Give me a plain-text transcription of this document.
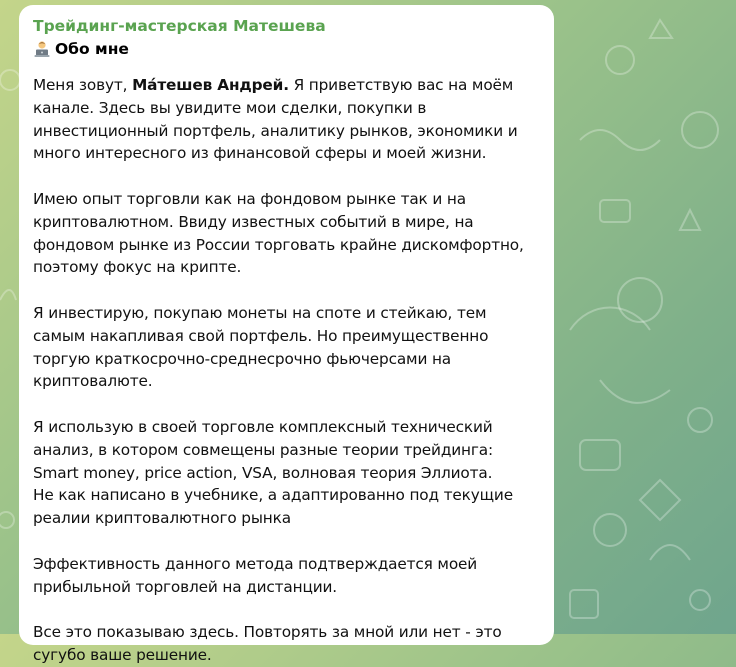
Трейдинг-мастерская Матешева
Обо мне

Меня зовут, Ма́тешев Андрей. Я приветствую вас на моём канале. Здесь вы увидите мои сделки, покупки в инвестиционный портфель, аналитику рынков, экономики и много интересного из финансовой сферы и моей жизни.

Имею опыт торговли как на фондовом рынке так и на криптовалютном. Ввиду известных событий в мире, на фондовом рынке из России торговать крайне дискомфортно, поэтому фокус на крипте.

Я инвестирую, покупаю монеты на споте и стейкаю, тем самым накапливая свой портфель. Но преимущественно торгую краткосрочно-среднесрочно фьючерсами на криптовалюте.

Я использую в своей торговле комплексный технический анализ, в котором совмещены разные теории трейдинга: Smart money, price action, VSA, волновая теория Эллиота.
Не как написано в учебнике, а адаптированно под текущие реалии криптовалютного рынка

Эффективность данного метода подтверждается моей прибыльной торговлей на дистанции.

Все это показываю здесь. Повторять за мной или нет - это сугубо ваше решение.
